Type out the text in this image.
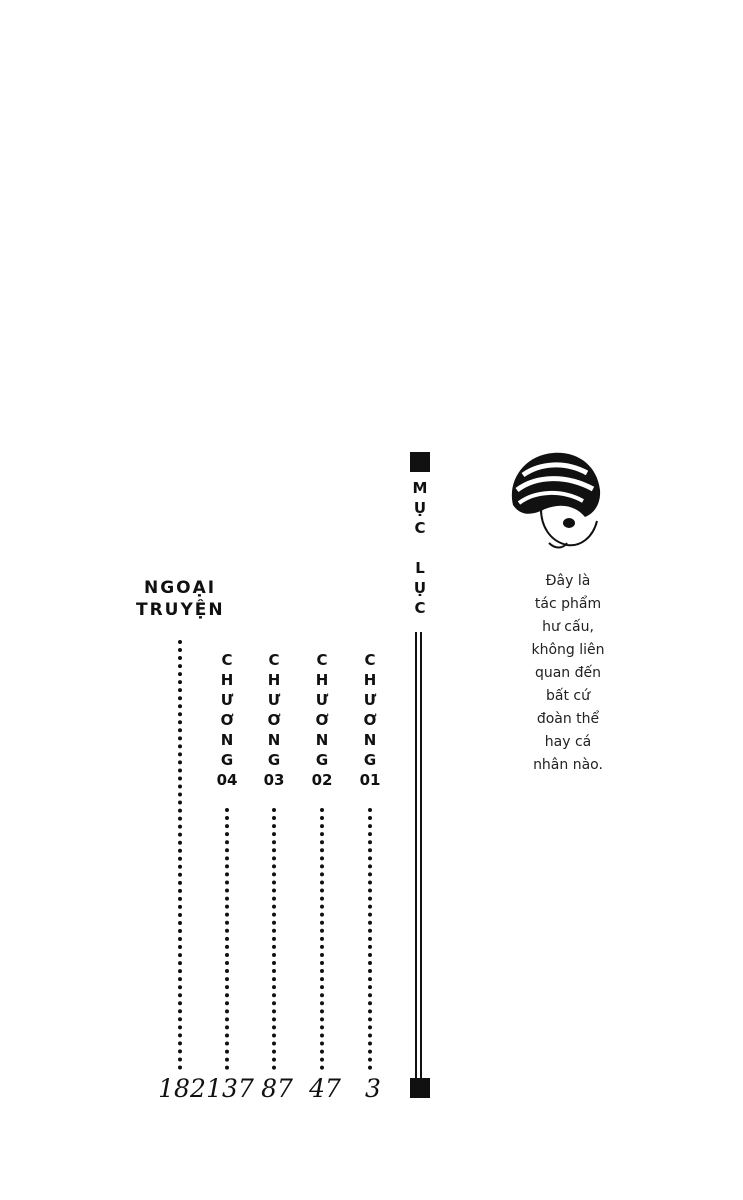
Đây là
tác phẩm
hư cấu,
không liên
quan đến
bất cứ
đoàn thể
hay cá
nhân nào.
M
Ụ
C
L
Ụ
C
NGOẠI
TRUYỆN
182
C
H
Ư
Ơ
N
G
04
137
C
H
Ư
Ơ
N
G
03
87
C
H
Ư
Ơ
N
G
02
47
C
H
Ư
Ơ
N
G
01
3
